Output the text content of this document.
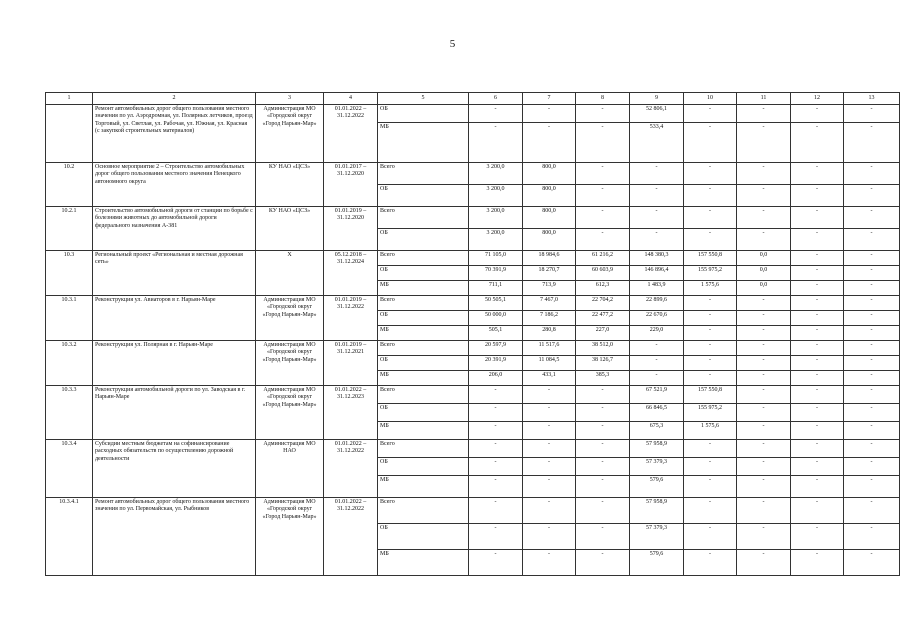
5
1	2	3	4	5	6	7	8	9	10	11	12	13
	Ремонт автомобильных дорог общего пользования местного значения по ул. Аэродромная, ул. Полярных летчиков, проезд Торговый, ул. Светлая, ул. Рабочая, ул. Южная, ул. Красная (с закупкой строительных материалов)	Администрация МО «Городской округ «Город Нарьян-Мар»	01.01.2022 – 31.12.2022	ОБ	-	-	-	52 806,1	-	-	-	-
				МБ	-	-	-	533,4	-	-	-	-
10.2	Основное мероприятие 2 – Строительство автомобильных дорог общего пользования местного значения Ненецкого автономного округа	КУ НАО «ЦСЗ»	01.01.2017 – 31.12.2020	Всего	3 200,0	800,0	-	-	-	-	-	-
				ОБ	3 200,0	800,0	-	-	-	-	-	-
10.2.1	Строительство автомобильной дороги от станции по борьбе с болезнями животных до автомобильной дороги федерального назначения А-381	КУ НАО «ЦСЗ»	01.01.2019 – 31.12.2020	Всего	3 200,0	800,0	-	-	-	-	-	-
				ОБ	3 200,0	800,0	-	-	-	-	-	-
10.3	Региональный проект «Региональная и местная дорожная сеть»	Х	05.12.2018 – 31.12.2024	Всего	71 105,0	18 984,6	61 216,2	148 380,3	157 550,8	0,0	-	-
				ОБ	70 391,9	18 270,7	60 603,9	146 896,4	155 975,2	0,0	-	-
				МБ	711,1	713,9	612,3	1 483,9	1 575,6	0,0	-	-
10.3.1	Реконструкция ул. Авиаторов в г. Нарьян-Маре	Администрация МО «Городской округ «Город Нарьян-Мар»	01.01.2019 – 31.12.2022	Всего	50 505,1	7 467,0	22 704,2	22 899,6	-	-	-	-
				ОБ	50 000,0	7 186,2	22 477,2	22 670,6	-	-	-	-
				МБ	505,1	280,8	227,0	229,0	-	-	-	-
10.3.2	Реконструкция ул. Полярная в г. Нарьян-Маре	Администрация МО «Городской округ «Город Нарьян-Мар»	01.01.2019 – 31.12.2021	Всего	20 597,9	11 517,6	38 512,0	-	-	-	-	-
				ОБ	20 391,9	11 084,5	38 126,7	-	-	-	-	-
				МБ	206,0	433,1	385,3	-	-	-	-	-
10.3.3	Реконструкция автомобильной дороги по ул. Заводская в г. Нарьян-Маре	Администрация МО «Городской округ «Город Нарьян-Мар»	01.01.2022 – 31.12.2023	Всего	-	-	-	67 521,9	157 550,8	-	-	-
				ОБ	-	-	-	66 846,5	155 975,2	-	-	-
				МБ	-	-	-	675,3	1 575,6	-	-	-
10.3.4	Субсидии местным бюджетам на софинансирование расходных обязательств по осуществлению дорожной деятельности	Администрация МО НАО	01.01.2022 – 31.12.2022	Всего	-	-	-	57 958,9	-	-	-	-
				ОБ	-	-	-	57 379,3	-	-	-	-
				МБ	-	-	-	579,6	-	-	-	-
10.3.4.1	Ремонт автомобильных дорог общего пользования местного значения по ул. Первомайская, ул. Рыбников	Администрация МО «Городской округ «Город Нарьян-Мар»	01.01.2022 – 31.12.2022	Всего	-	-	-	57 958,9	-	-	-	-
				ОБ	-	-	-	57 379,3	-	-	-	-
				МБ	-	-	-	579,6	-	-	-	-
